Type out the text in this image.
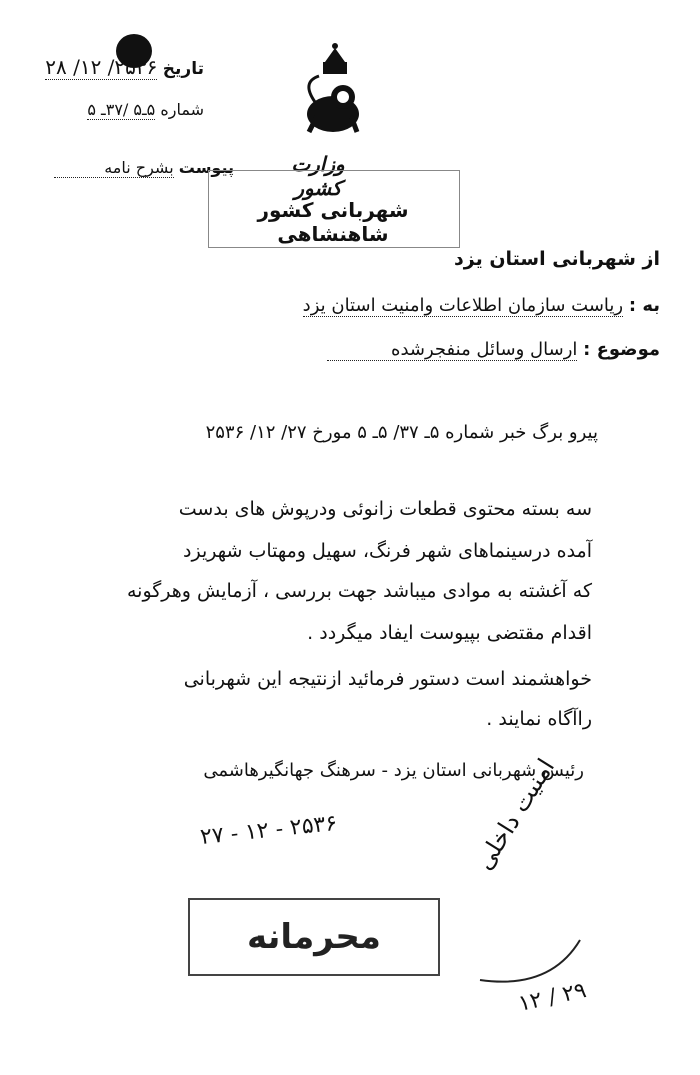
تاریخ ۲۵۳۶/ ۱۲/ ۲۸
شماره ۵ـ۵ /۳۷ـ ۵
پیوست بشرح نامه	وزارت کشور
شهربانی کشور شاهنشاهی
از شهربانی استان یزد
به : ریاست سازمان اطلاعات وامنیت استان یزد
موضوع : ارسال وسائل منفجرشده
پیرو برگ خبر شماره ۵ـ ۳۷/ ۵ـ ۵ مورخ ۲۷/ ۱۲/ ۲۵۳۶
سه بسته محتوی قطعات زانوئی ودرپوش های بدست
آمده درسینماهای شهر فرنگ، سهیل ومهتاب شهریزد
که آغشته به موادی میباشد جهت بررسی ، آزمایش وهرگونه
اقدام مقتضی بپیوست ایفاد میگردد .
خواهشمند است دستور فرمائید ازنتیجه این شهربانی
راآگاه نمایند .
رئیس شهربانی استان یزد - سرهنگ جهانگیرهاشمی
۲۵۳۶ - ۱۲ - ۲۷
محرمانه
امنیت داخلی
۲۹ / ۱۲
